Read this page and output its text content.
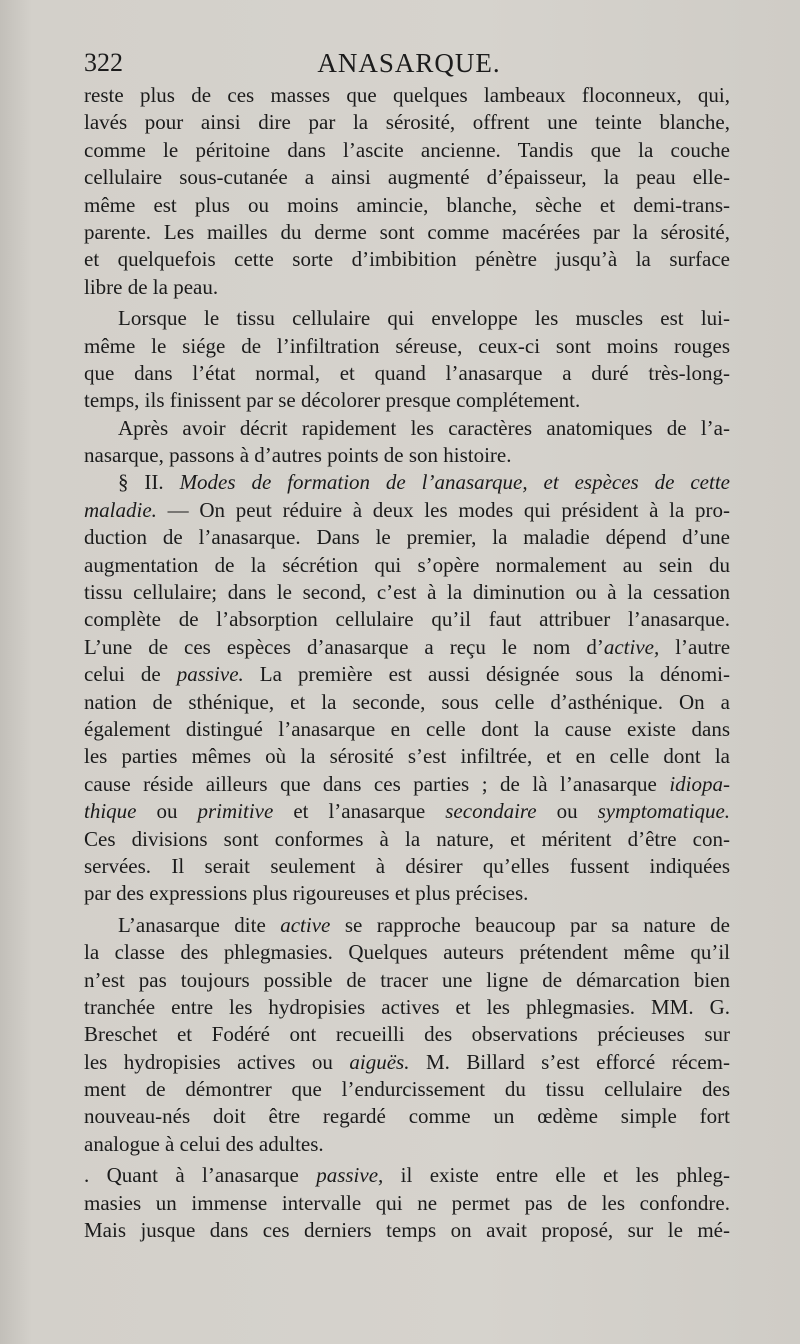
322	ANASARQUE.
reste plus de ces masses que quelques lambeaux floconneux, qui,
lavés pour ainsi dire par la sérosité, offrent une teinte blanche,
comme le péritoine dans l’ascite ancienne. Tandis que la couche
cellulaire sous-cutanée a ainsi augmenté d’épaisseur, la peau elle-
même est plus ou moins amincie, blanche, sèche et demi-trans-
parente. Les mailles du derme sont comme macérées par la sérosité,
et quelquefois cette sorte d’imbibition pénètre jusqu’à la surface
libre de la peau.
Lorsque le tissu cellulaire qui enveloppe les muscles est lui-
même le siége de l’infiltration séreuse, ceux-ci sont moins rouges
que dans l’état normal, et quand l’anasarque a duré très-long-
temps, ils finissent par se décolorer presque complétement.
Après avoir décrit rapidement les caractères anatomiques de l’a-
nasarque, passons à d’autres points de son histoire.
§ II. Modes de formation de l’anasarque, et espèces de cette
maladie. — On peut réduire à deux les modes qui président à la pro-
duction de l’anasarque. Dans le premier, la maladie dépend d’une
augmentation de la sécrétion qui s’opère normalement au sein du
tissu cellulaire; dans le second, c’est à la diminution ou à la cessation
complète de l’absorption cellulaire qu’il faut attribuer l’anasarque.
L’une de ces espèces d’anasarque a reçu le nom d’active, l’autre
celui de passive. La première est aussi désignée sous la dénomi-
nation de sthénique, et la seconde, sous celle d’asthénique. On a
également distingué l’anasarque en celle dont la cause existe dans
les parties mêmes où la sérosité s’est infiltrée, et en celle dont la
cause réside ailleurs que dans ces parties ; de là l’anasarque idiopa-
thique ou primitive et l’anasarque secondaire ou symptomatique.
Ces divisions sont conformes à la nature, et méritent d’être con-
servées. Il serait seulement à désirer qu’elles fussent indiquées
par des expressions plus rigoureuses et plus précises.
L’anasarque dite active se rapproche beaucoup par sa nature de
la classe des phlegmasies. Quelques auteurs prétendent même qu’il
n’est pas toujours possible de tracer une ligne de démarcation bien
tranchée entre les hydropisies actives et les phlegmasies. MM. G.
Breschet et Fodéré ont recueilli des observations précieuses sur
les hydropisies actives ou aiguës. M. Billard s’est efforcé récem-
ment de démontrer que l’endurcissement du tissu cellulaire des
nouveau-nés doit être regardé comme un œdème simple fort
analogue à celui des adultes.
. Quant à l’anasarque passive, il existe entre elle et les phleg-
masies un immense intervalle qui ne permet pas de les confondre.
Mais jusque dans ces derniers temps on avait proposé, sur le mé-
